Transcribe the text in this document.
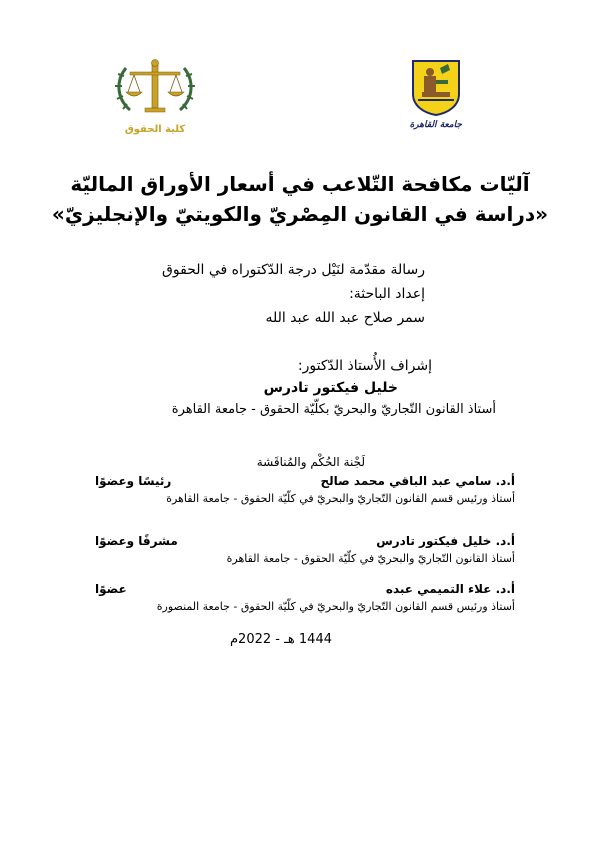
كلية الحقوق	جامعة القاهرة
آليّات مكافحة التّلاعب في أسعار الأوراق الماليّة
«دراسة في القانون المِصْريّ والكويتيّ والإنجليزيّ»
رسالة مقدّمة لنَيْل درجة الدّكتوراه في الحقوق
إعداد الباحثة:
سمر صلاح عبد الله عبد الله
إشراف الأُستاذ الدّكتور:
خليل فيكتور تادرس
أستاذ القانون التّجاريّ والبحريّ بكلّيّة الحقوق - جامعة القاهرة
لَجْنة الحُكْم والمُناقَشة
أ.د. سامي عبد الباقي محمد صالح
رئيسًا وعضوًا
أستاذ ورئيس قسم القانون التّجاريّ والبحريّ في كلّيّة الحقوق - جامعة القاهرة
أ.د. خليل فيكتور تادرس
مشرفًا وعضوًا
أستاذ القانون التّجاريّ والبحريّ في كلّيّة الحقوق - جامعة القاهرة
أ.د. علاء التميمي عبده
عضوًا
أستاذ ورئيس قسم القانون التّجاريّ والبحريّ في كلّيّة الحقوق - جامعة المنصورة
1444 هـ - 2022م
